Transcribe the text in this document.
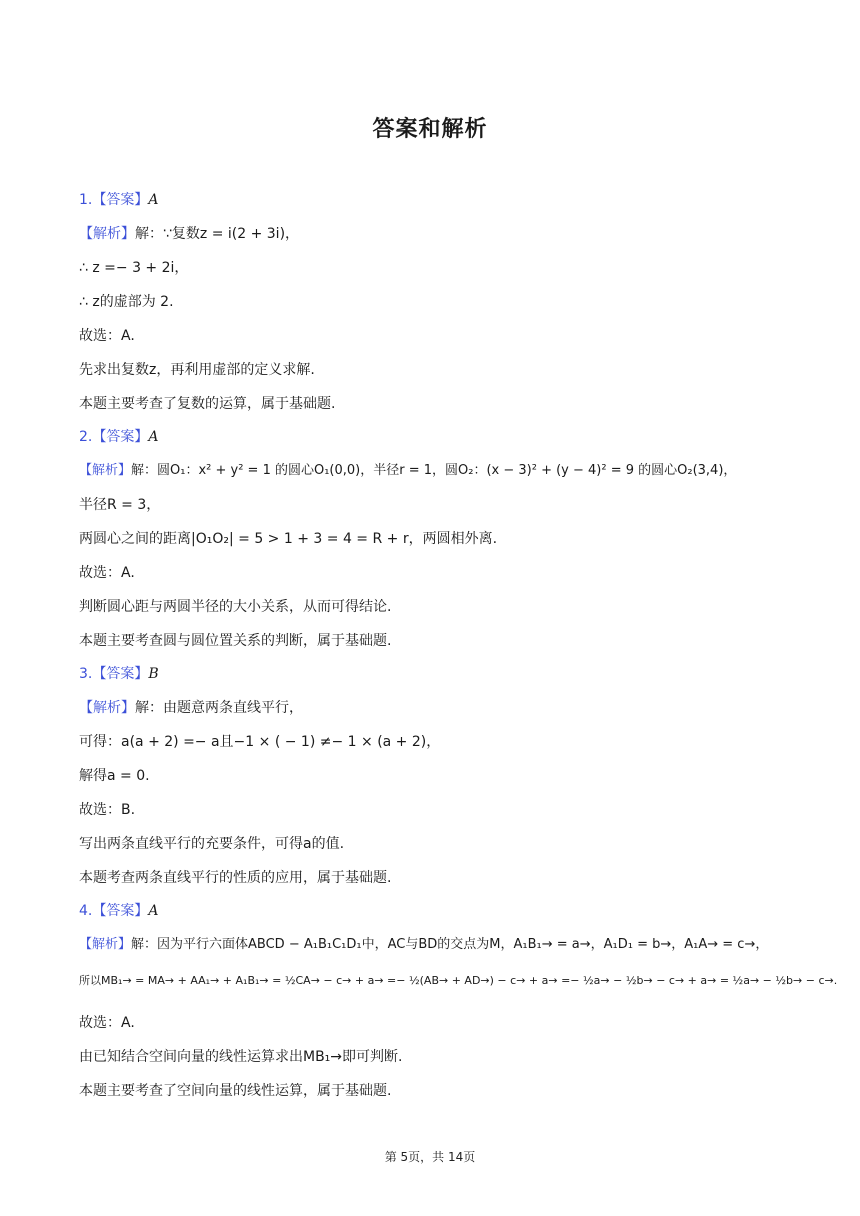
答案和解析
1.【答案】A
【解析】解：∵复数z = i(2 + 3i)，
∴ z =− 3 + 2i，
∴ z的虚部为 2.
故选：A.
先求出复数z，再利用虚部的定义求解.
本题主要考查了复数的运算，属于基础题.
2.【答案】A
【解析】解：圆O₁：x² + y² = 1 的圆心O₁(0,0)，半径r = 1，圆O₂：(x − 3)² + (y − 4)² = 9 的圆心O₂(3,4)，
半径R = 3，
两圆心之间的距离|O₁O₂| = 5 > 1 + 3 = 4 = R + r，两圆相外离.
故选：A.
判断圆心距与两圆半径的大小关系，从而可得结论.
本题主要考查圆与圆位置关系的判断，属于基础题.
3.【答案】B
【解析】解：由题意两条直线平行，
可得：a(a + 2) =− a且−1 × ( − 1) ≠− 1 × (a + 2)，
解得a = 0.
故选：B.
写出两条直线平行的充要条件，可得a的值.
本题考查两条直线平行的性质的应用，属于基础题.
4.【答案】A
【解析】解：因为平行六面体ABCD − A₁B₁C₁D₁中，AC与BD的交点为M，A₁B₁→ = a→，A₁D₁ = b→，A₁A→ = c→，
所以MB₁→ = MA→ + AA₁→ + A₁B₁→ = ½CA→ − c→ + a→ =− ½(AB→ + AD→) − c→ + a→ =− ½a→ − ½b→ − c→ + a→ = ½a→ − ½b→ − c→.
故选：A.
由已知结合空间向量的线性运算求出MB₁→即可判断.
本题主要考查了空间向量的线性运算，属于基础题.
第 5页，共 14页
